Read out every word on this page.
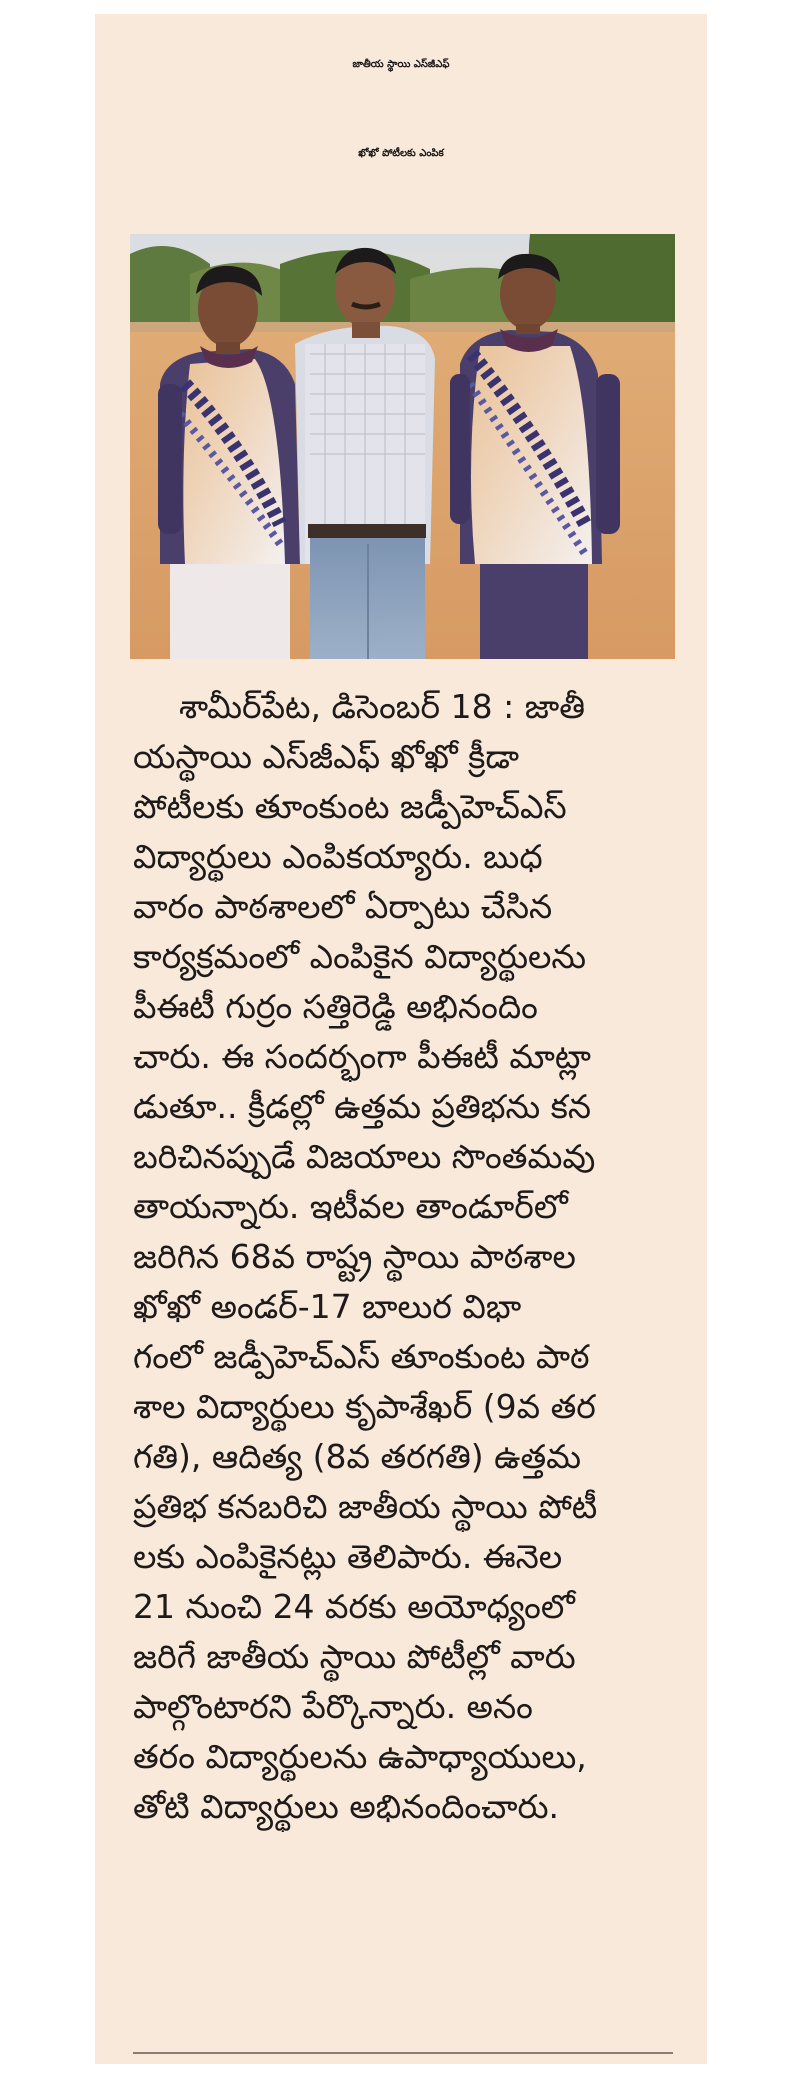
జాతీయ స్థాయి ఎస్‌జీఎఫ్
ఖోఖో పోటీలకు ఎంపిక
శామీర్‌పేట, డిసెంబర్ 18 : జాతీ
యస్థాయి ఎస్‌జీఎఫ్ ఖోఖో క్రీడా
పోటీలకు తూంకుంట జడ్పీహెచ్‌ఎస్
విద్యార్థులు ఎంపికయ్యారు. బుధ
వారం పాఠశాలలో ఏర్పాటు చేసిన
కార్యక్రమంలో ఎంపికైన విద్యార్థులను
పీఈటీ గుర్రం సత్తిరెడ్డి అభినందిం
చారు. ఈ సందర్భంగా పీఈటీ మాట్లా
డుతూ.. క్రీడల్లో ఉత్తమ ప్రతిభను కన
బరిచినప్పుడే విజయాలు సొంతమవు
తాయన్నారు. ఇటీవల తాండూర్‌లో
జరిగిన 68వ రాష్ట్ర స్థాయి పాఠశాల
ఖోఖో అండర్-17 బాలుర విభా
గంలో జడ్పీహెచ్‌ఎస్ తూంకుంట పాఠ
శాల విద్యార్థులు కృపాశేఖర్ (9వ తర
గతి), ఆదిత్య (8వ తరగతి) ఉత్తమ
ప్రతిభ కనబరిచి జాతీయ స్థాయి పోటీ
లకు ఎంపికైనట్లు తెలిపారు. ఈనెల
21 నుంచి 24 వరకు అయోధ్యంలో
జరిగే జాతీయ స్థాయి పోటీల్లో వారు
పాల్గొంటారని పేర్కొన్నారు. అనం
తరం విద్యార్థులను ఉపాధ్యాయులు,
తోటి విద్యార్థులు అభినందించారు.
